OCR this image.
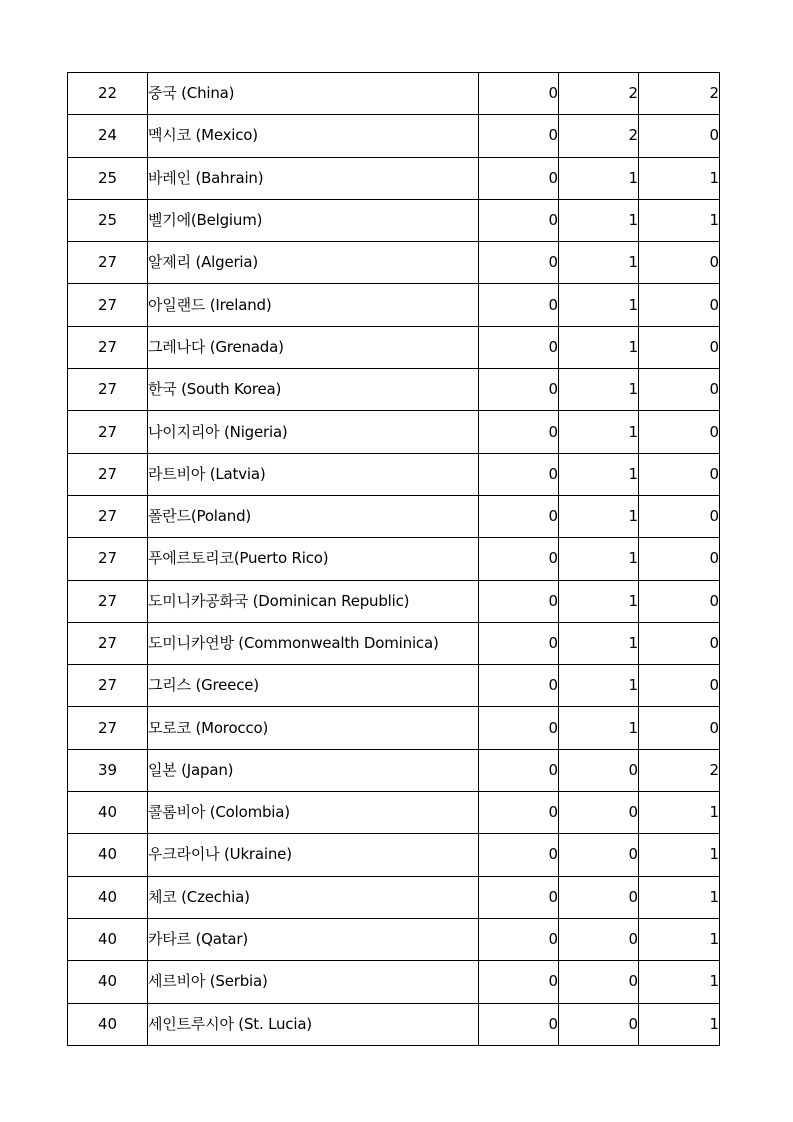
22	중국 (China)	0	2	2
24	멕시코 (Mexico)	0	2	0
25	바레인 (Bahrain)	0	1	1
25	벨기에(Belgium)	0	1	1
27	알제리 (Algeria)	0	1	0
27	아일랜드 (Ireland)	0	1	0
27	그레나다 (Grenada)	0	1	0
27	한국 (South Korea)	0	1	0
27	나이지리아 (Nigeria)	0	1	0
27	라트비아 (Latvia)	0	1	0
27	폴란드(Poland)	0	1	0
27	푸에르토리코(Puerto Rico)	0	1	0
27	도미니카공화국 (Dominican Republic)	0	1	0
27	도미니카연방 (Commonwealth Dominica)	0	1	0
27	그리스 (Greece)	0	1	0
27	모로코 (Morocco)	0	1	0
39	일본 (Japan)	0	0	2
40	콜롬비아 (Colombia)	0	0	1
40	우크라이나 (Ukraine)	0	0	1
40	체코 (Czechia)	0	0	1
40	카타르 (Qatar)	0	0	1
40	세르비아 (Serbia)	0	0	1
40	세인트루시아 (St. Lucia)	0	0	1
